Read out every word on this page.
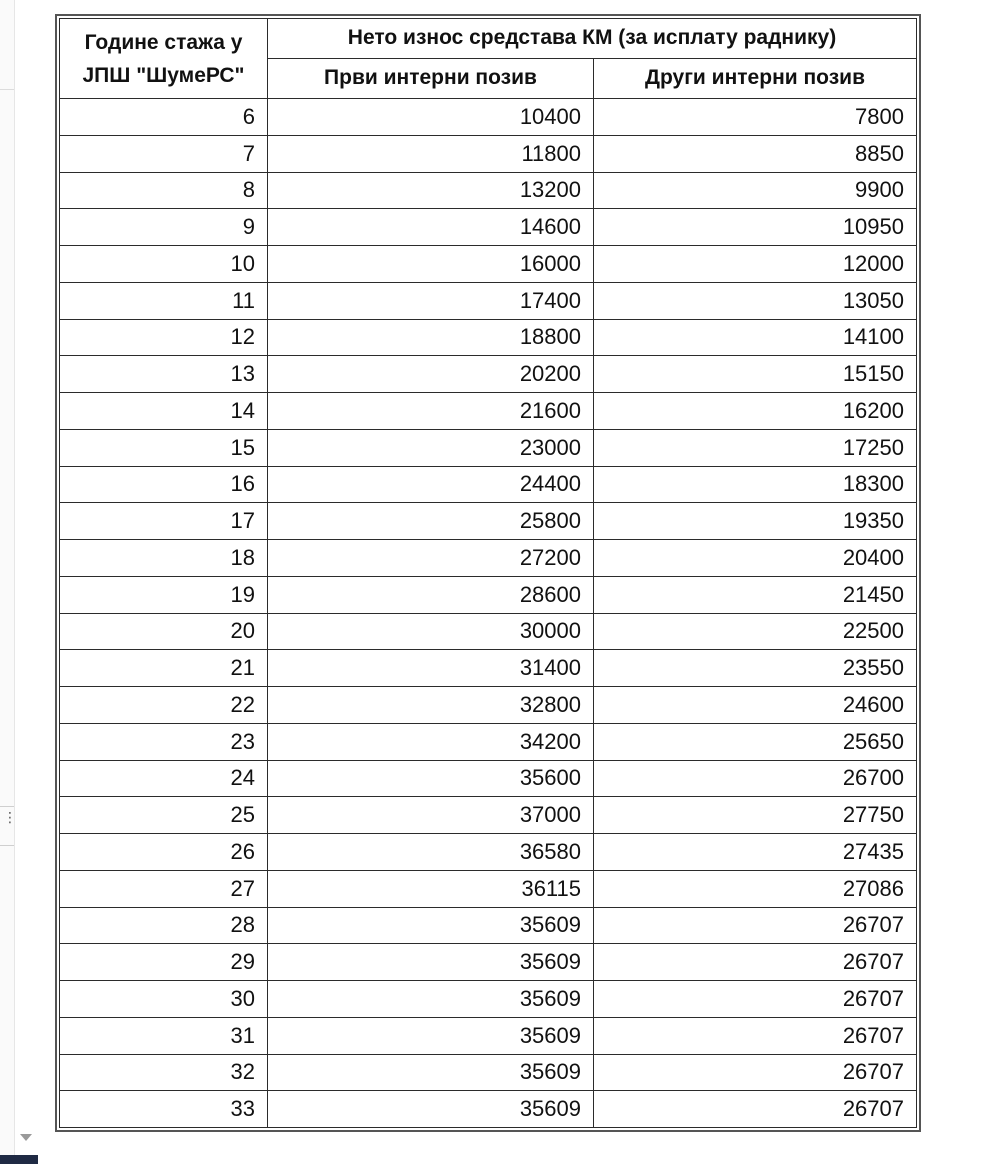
⋮
Године стажа у ЈПШ "ШумеРС"	Нето износ средстава КМ (за исплату раднику)	
	Први интерни позив	Други интерни позив
6	10400	7800
7	11800	8850
8	13200	9900
9	14600	10950
10	16000	12000
11	17400	13050
12	18800	14100
13	20200	15150
14	21600	16200
15	23000	17250
16	24400	18300
17	25800	19350
18	27200	20400
19	28600	21450
20	30000	22500
21	31400	23550
22	32800	24600
23	34200	25650
24	35600	26700
25	37000	27750
26	36580	27435
27	36115	27086
28	35609	26707
29	35609	26707
30	35609	26707
31	35609	26707
32	35609	26707
33	35609	26707
